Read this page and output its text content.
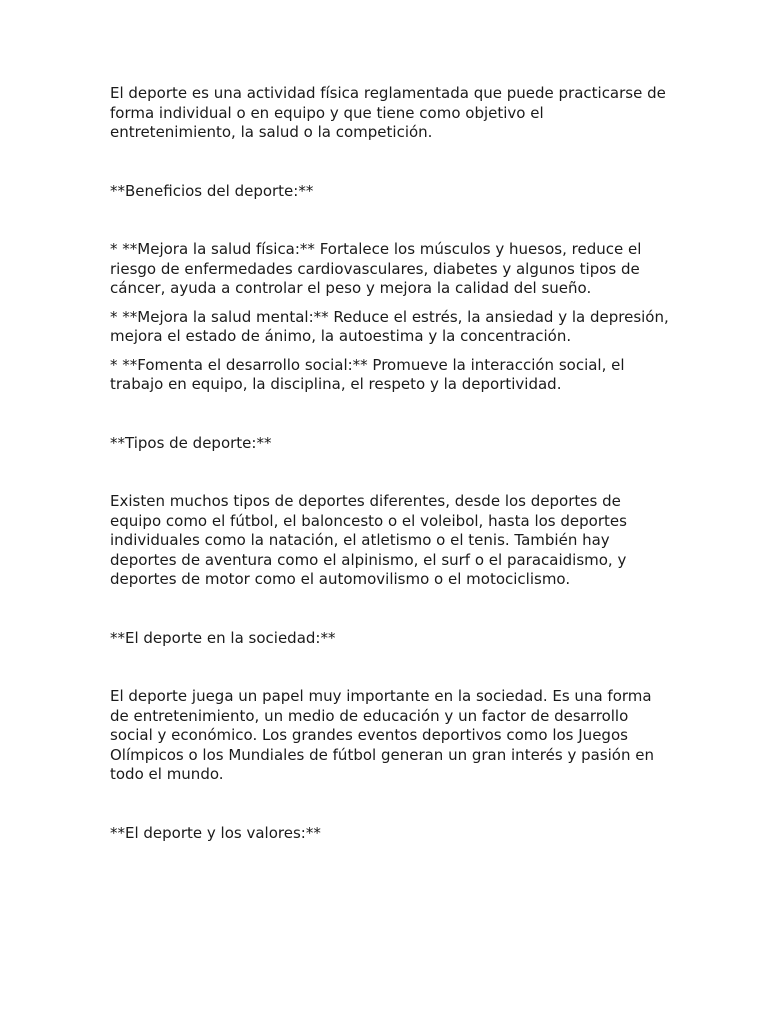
El deporte es una actividad física reglamentada que puede practicarse de forma individual o en equipo y que tiene como objetivo el entretenimiento, la salud o la competición.

**Beneficios del deporte:**

* **Mejora la salud física:** Fortalece los músculos y huesos, reduce el riesgo de enfermedades cardiovasculares, diabetes y algunos tipos de cáncer, ayuda a controlar el peso y mejora la calidad del sueño.

* **Mejora la salud mental:** Reduce el estrés, la ansiedad y la depresión, mejora el estado de ánimo, la autoestima y la concentración.

* **Fomenta el desarrollo social:** Promueve la interacción social, el trabajo en equipo, la disciplina, el respeto y la deportividad.

**Tipos de deporte:**

Existen muchos tipos de deportes diferentes, desde los deportes de equipo como el fútbol, el baloncesto o el voleibol, hasta los deportes individuales como la natación, el atletismo o el tenis. También hay deportes de aventura como el alpinismo, el surf o el paracaidismo, y deportes de motor como el automovilismo o el motociclismo.

**El deporte en la sociedad:**

El deporte juega un papel muy importante en la sociedad. Es una forma de entretenimiento, un medio de educación y un factor de desarrollo social y económico. Los grandes eventos deportivos como los Juegos Olímpicos o los Mundiales de fútbol generan un gran interés y pasión en todo el mundo.

**El deporte y los valores:**
